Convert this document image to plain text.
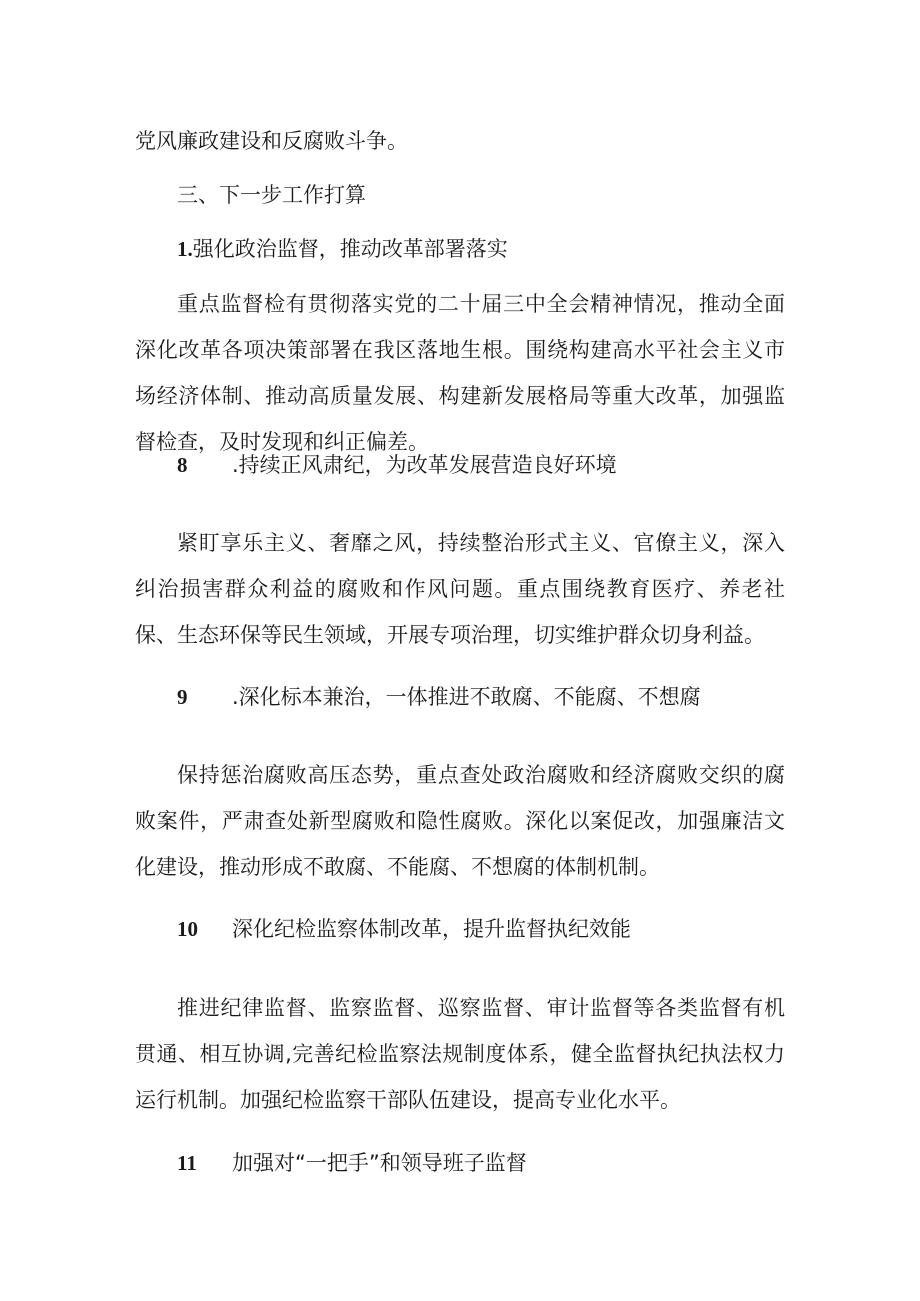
党风廉政建设和反腐败斗争。
三、下一步工作打算
1.强化政治监督，推动改革部署落实

重点监督检有贯彻落实党的二十届三中全会精神情况，推动全面深化改革各项决策部署在我区落地生根。围绕构建高水平社会主义市场经济体制、推动高质量发展、构建新发展格局等重大改革，加强监督检查，及时发现和纠正偏差。

8 .持续正风肃纪，为改革发展营造良好环境

紧盯享乐主义、奢靡之风，持续整治形式主义、官僚主义，深入纠治损害群众利益的腐败和作风问题。重点围绕教育医疗、养老社保、生态环保等民生领域，开展专项治理，切实维护群众切身利益。

9 .深化标本兼治，一体推进不敢腐、不能腐、不想腐

保持惩治腐败高压态势，重点查处政治腐败和经济腐败交织的腐败案件，严肃查处新型腐败和隐性腐败。深化以案促改，加强廉洁文化建设，推动形成不敢腐、不能腐、不想腐的体制机制。

10 深化纪检监察体制改革，提升监督执纪效能

推进纪律监督、监察监督、巡察监督、审计监督等各类监督有机贯通、相互协调,完善纪检监察法规制度体系，健全监督执纪执法权力运行机制。加强纪检监察干部队伍建设，提高专业化水平。

11 加强对“一把手”和领导班子监督
